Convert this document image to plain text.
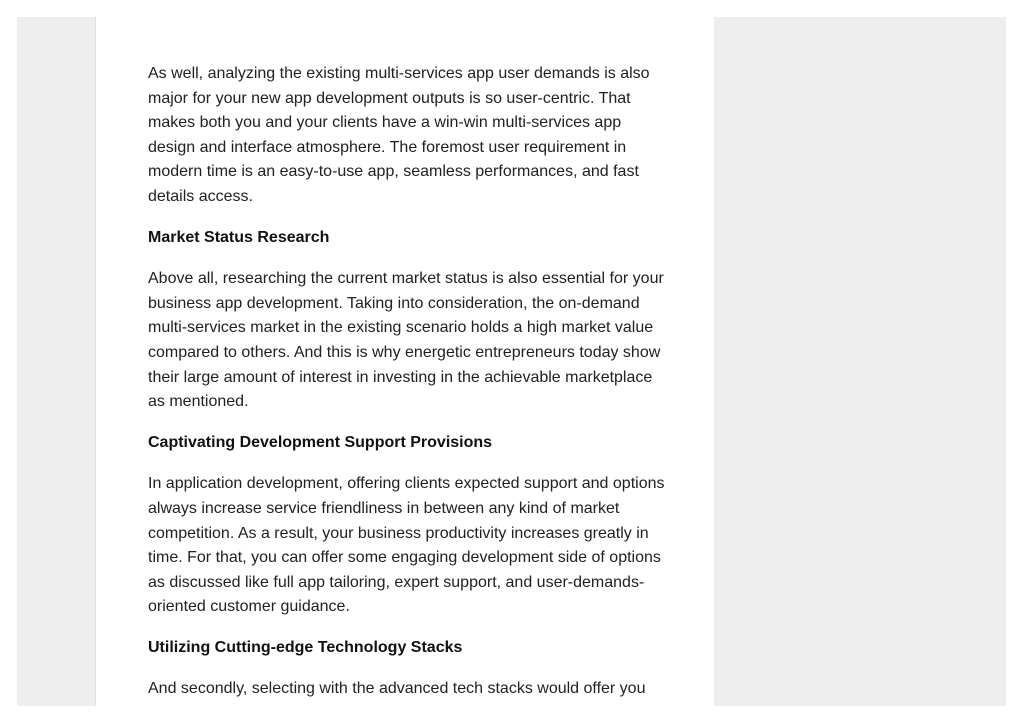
As well, analyzing the existing multi-services app user demands is also major for your new app development outputs is so user-centric. That makes both you and your clients have a win-win multi-services app design and interface atmosphere. The foremost user requirement in modern time is an easy-to-use app, seamless performances, and fast details access.

Market Status Research

Above all, researching the current market status is also essential for your business app development. Taking into consideration, the on-demand multi-services market in the existing scenario holds a high market value compared to others. And this is why energetic entrepreneurs today show their large amount of interest in investing in the achievable marketplace as mentioned.

Captivating Development Support Provisions

In application development, offering clients expected support and options always increase service friendliness in between any kind of market competition. As a result, your business productivity increases greatly in time. For that, you can offer some engaging development side of options as discussed like full app tailoring, expert support, and user-demands-oriented customer guidance.

Utilizing Cutting-edge Technology Stacks

And secondly, selecting with the advanced tech stacks would offer you
